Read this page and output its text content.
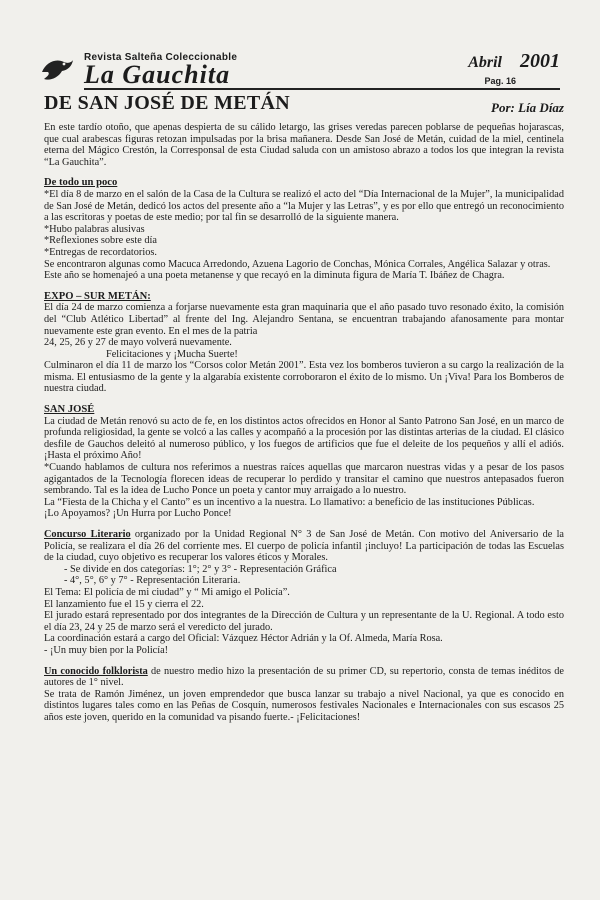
Revista Salteña Coleccionable
La Gauchita	Abril 2001
Pag. 16
DE SAN JOSÉ DE METÁN	Por: Lía Díaz

En este tardío otoño, que apenas despierta de su cálido letargo, las grises veredas parecen poblarse de pequeñas hojarascas, que cual arabescas figuras retozan impulsadas por la brisa mañanera. Desde San José de Metán, cuidad de la miel, centinela eterna del Mágico Crestón, la Corresponsal de esta Ciudad saluda con un amistoso abrazo a todos los que integran la revista “La Gauchita”.

De todo un poco

*El día 8 de marzo en el salón de la Casa de la Cultura se realizó el acto del “Día Internacional de la Mujer”, la municipalidad de San José de Metán, dedicó los actos del presente año a “la Mujer y las Letras”, y es por ello que entregó un reconocimiento a las escritoras y poetas de este medio; por tal fin se desarrolló de la siguiente manera.

*Hubo palabras alusivas

*Reflexiones sobre este día

*Entregas de recordatorios.

Se encontraron algunas como Macuca Arredondo, Azuena Lagorio de Conchas, Mónica Corrales, Angélica Salazar y otras.

Este año se homenajeó a una poeta metanense y que recayó en la diminuta figura de María T. Ibáñez de Chagra.

EXPO – SUR METÁN:

El día 24 de marzo comienza a forjarse nuevamente esta gran maquinaria que el año pasado tuvo resonado éxito, la comisión del “Club Atlético Libertad” al frente del Ing. Alejandro Sentana, se encuentran trabajando afanosamente para montar nuevamente este gran evento. En el mes de la patria

24, 25, 26 y 27 de mayo volverá nuevamente.

Felicitaciones y ¡Mucha Suerte!

Culminaron el día 11 de marzo los “Corsos color Metán 2001”. Esta vez los bomberos tuvieron a su cargo la realización de la misma. El entusiasmo de la gente y la algarabía existente corroboraron el éxito de lo mismo. Un ¡Viva! Para los Bomberos de nuestra ciudad.

SAN JOSÉ

La ciudad de Metán renovó su acto de fe, en los distintos actos ofrecidos en Honor al Santo Patrono San José, en un marco de profunda religiosidad, la gente se volcó a las calles y acompañó a la procesión por las distintas arterias de la ciudad. El clásico desfile de Gauchos deleitó al numeroso público, y los fuegos de artificios que fue el deleite de los pequeños y allí el adiós. ¡Hasta el próximo Año!

*Cuando hablamos de cultura nos referimos a nuestras raíces aquellas que marcaron nuestras vidas y a pesar de los pasos agigantados de la Tecnología florecen ideas de recuperar lo perdido y transitar el camino que nuestros antepasados fueron sembrando. Tal es la idea de Lucho Ponce un poeta y cantor muy arraigado a lo nuestro.

La “Fiesta de la Chicha y el Canto” es un incentivo a la nuestra. Lo llamativo: a beneficio de las instituciones Públicas.

¡Lo Apoyamos? ¡Un Hurra por Lucho Ponce!

Concurso Literario organizado por la Unidad Regional N° 3 de San José de Metán. Con motivo del Aniversario de la Policía, se realizara el día 26 del corriente mes. El cuerpo de policía infantil ¡incluyo! La participación de todas las Escuelas de la ciudad, cuyo objetivo es recuperar los valores éticos y Morales.

- Se divide en dos categorías: 1°; 2° y 3° - Representación Gráfica

- 4°, 5°, 6° y 7° - Representación Literaria.

El Tema: El policía de mi ciudad” y “ Mi amigo el Policía”.

El lanzamiento fue el 15 y cierra el 22.

El jurado estará representado por dos integrantes de la Dirección de Cultura y un representante de la U. Regional. A todo esto el día 23, 24 y 25 de marzo será el veredicto del jurado.

La coordinación estará a cargo del Oficial: Vázquez Héctor Adrián y la Of. Almeda, María Rosa.

- ¡Un muy bien por la Policía!

Un conocido folklorista de nuestro medio hizo la presentación de su primer CD, su repertorio, consta de temas inéditos de autores de 1° nivel.

Se trata de Ramón Jiménez, un joven emprendedor que busca lanzar su trabajo a nivel Nacional, ya que es conocido en distintos lugares tales como en las Peñas de Cosquín, numerosos festivales Nacionales e Internacionales con sus escasos 25 años este joven, querido en la comunidad va pisando fuerte.- ¡Felicitaciones!
